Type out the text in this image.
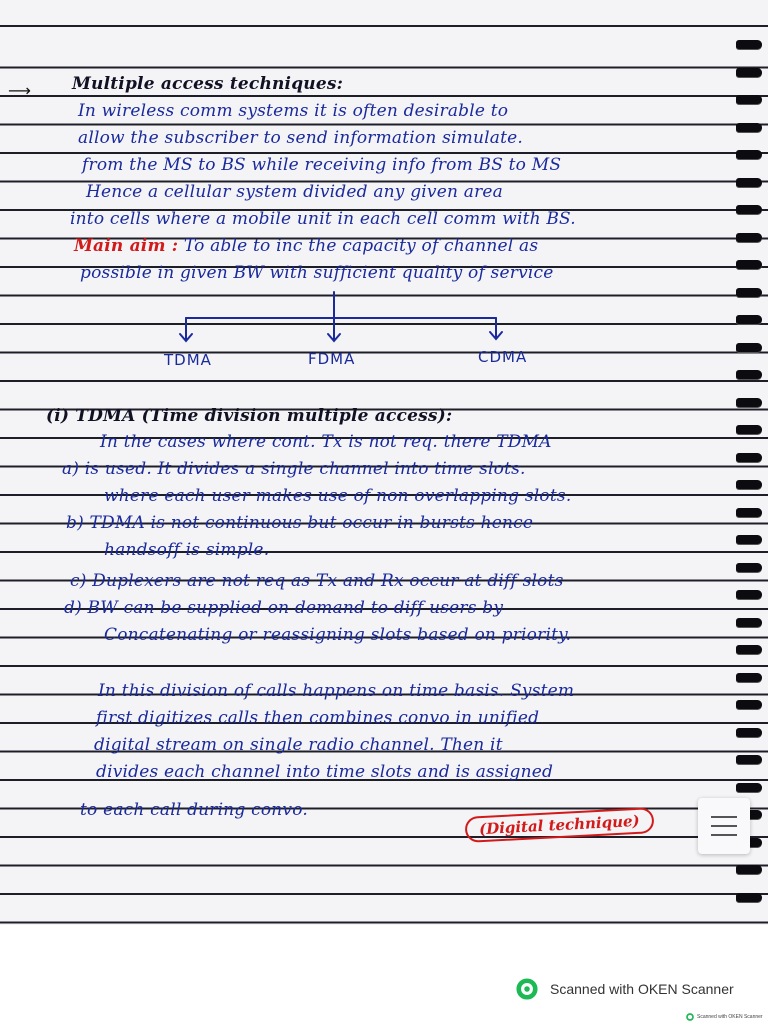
⟶ Multiple access techniques:
In wireless comm systems it is often desirable to
allow the subscriber to send information simulate.
from the MS to BS while receiving info from BS to MS
Hence a cellular system divided any given area
into cells where a mobile unit in each cell comm with BS.
Main aim : To able to inc the capacity of channel as
possible in given BW with sufficient quality of service
TDMA	FDMA	CDMA
(i) TDMA (Time division multiple access):
In the cases where cont. Tx is not req. there TDMA
a) is used. It divides a single channel into time slots.
where each user makes use of non overlapping slots.
b) TDMA is not continuous but occur in bursts hence
handsoff is simple.
c) Duplexers are not req as Tx and Rx occur at diff slots
d) BW can be supplied on demand to diff users by
Concatenating or reassigning slots based on priority.
In this division of calls happens on time basis. System
first digitizes calls then combines convo in unified
digital stream on single radio channel. Then it
divides each channel into time slots and is assigned
to each call during convo.
(Digital technique)
Scanned with OKEN Scanner
Scanned with OKEN Scanner
